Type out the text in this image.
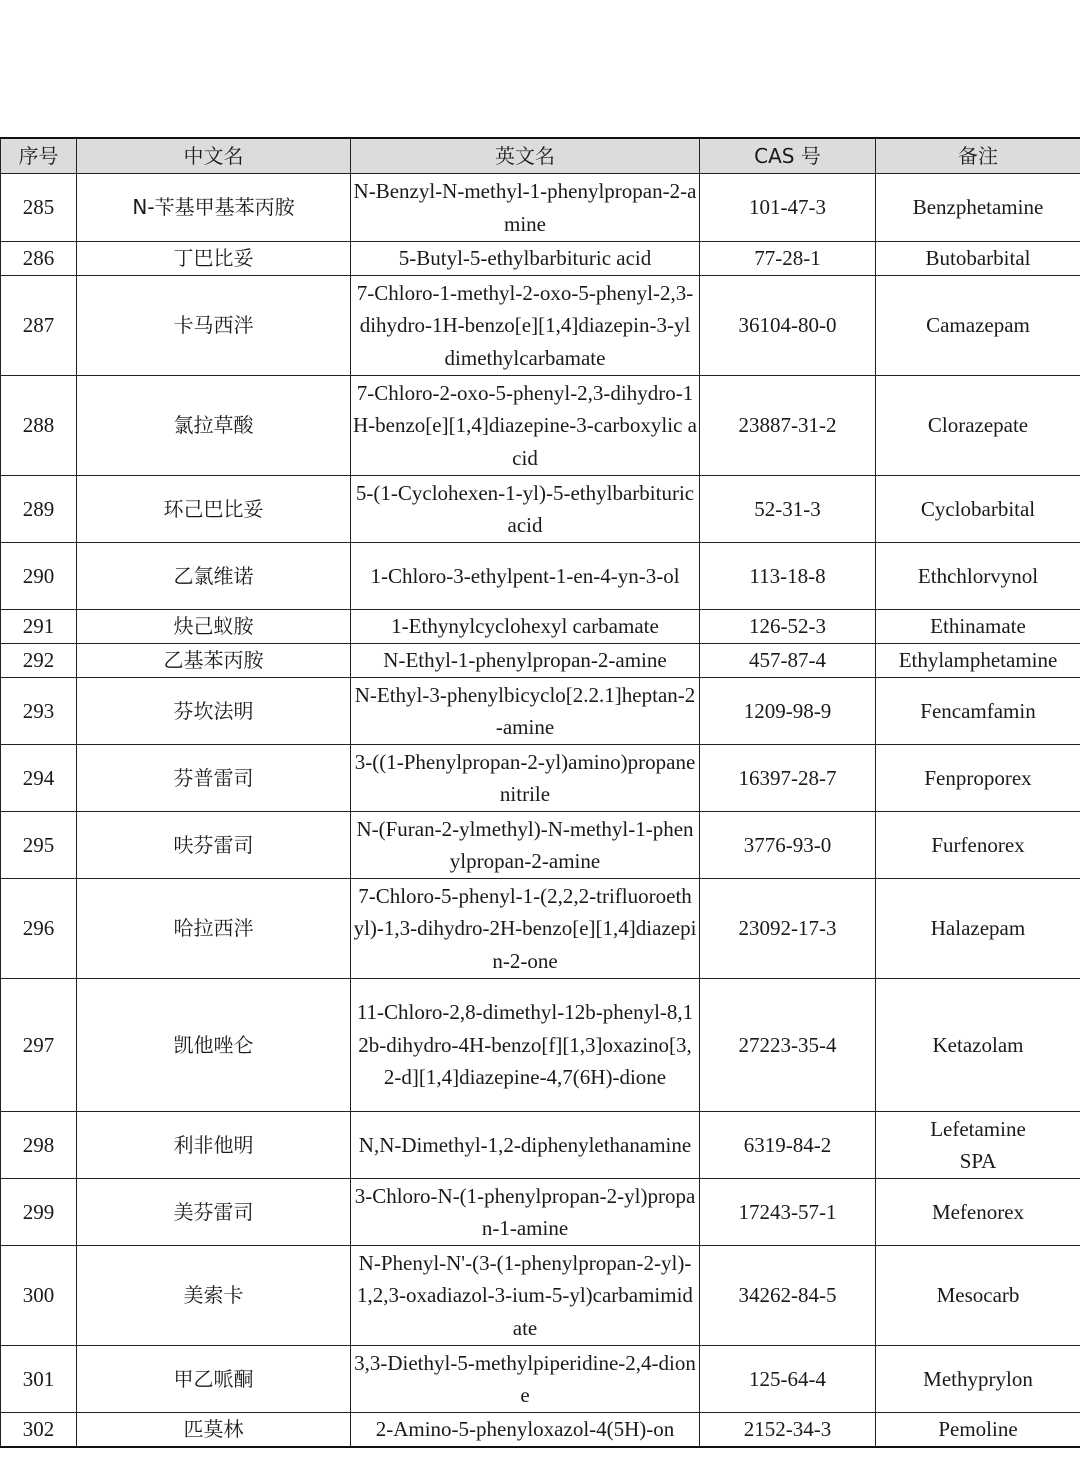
序号	中文名	英文名	CAS 号	备注
285	N-苄基甲基苯丙胺	N-Benzyl-N-methyl-1-phenylpropan-2-amine	101-47-3	Benzphetamine
286	丁巴比妥	5-Butyl-5-ethylbarbituric acid	77-28-1	Butobarbital
287	卡马西泮	7-Chloro-1-methyl-2-oxo-5-phenyl-2,3-dihydro-1H-benzo[e][1,4]diazepin-3-yl dimethylcarbamate	36104-80-0	Camazepam
288	氯拉草酸	7-Chloro-2-oxo-5-phenyl-2,3-dihydro-1H-benzo[e][1,4]diazepine-3-carboxylic acid	23887-31-2	Clorazepate
289	环己巴比妥	5-(1-Cyclohexen-1-yl)-5-ethylbarbituric acid	52-31-3	Cyclobarbital
290	乙氯维诺	1-Chloro-3-ethylpent-1-en-4-yn-3-ol	113-18-8	Ethchlorvynol
291	炔己蚁胺	1-Ethynylcyclohexyl carbamate	126-52-3	Ethinamate
292	乙基苯丙胺	N-Ethyl-1-phenylpropan-2-amine	457-87-4	Ethylamphetamine
293	芬坎法明	N-Ethyl-3-phenylbicyclo[2.2.1]heptan-2-amine	1209-98-9	Fencamfamin
294	芬普雷司	3-((1-Phenylpropan-2-yl)amino)propanenitrile	16397-28-7	Fenproporex
295	呋芬雷司	N-(Furan-2-ylmethyl)-N-methyl-1-phenylpropan-2-amine	3776-93-0	Furfenorex
296	哈拉西泮	7-Chloro-5-phenyl-1-(2,2,2-trifluoroethyl)-1,3-dihydro-2H-benzo[e][1,4]diazepin-2-one	23092-17-3	Halazepam
297	凯他唑仑	11-Chloro-2,8-dimethyl-12b-phenyl-8,12b-dihydro-4H-benzo[f][1,3]oxazino[3,2-d][1,4]diazepine-4,7(6H)-dione	27223-35-4	Ketazolam
298	利非他明	N,N-Dimethyl-1,2-diphenylethanamine	6319-84-2	Lefetamine SPA
299	美芬雷司	3-Chloro-N-(1-phenylpropan-2-yl)propan-1-amine	17243-57-1	Mefenorex
300	美索卡	N-Phenyl-N'-(3-(1-phenylpropan-2-yl)-1,2,3-oxadiazol-3-ium-5-yl)carbamimidate	34262-84-5	Mesocarb
301	甲乙哌酮	3,3-Diethyl-5-methylpiperidine-2,4-dione	125-64-4	Methyprylon
302	匹莫林	2-Amino-5-phenyloxazol-4(5H)-on	2152-34-3	Pemoline
